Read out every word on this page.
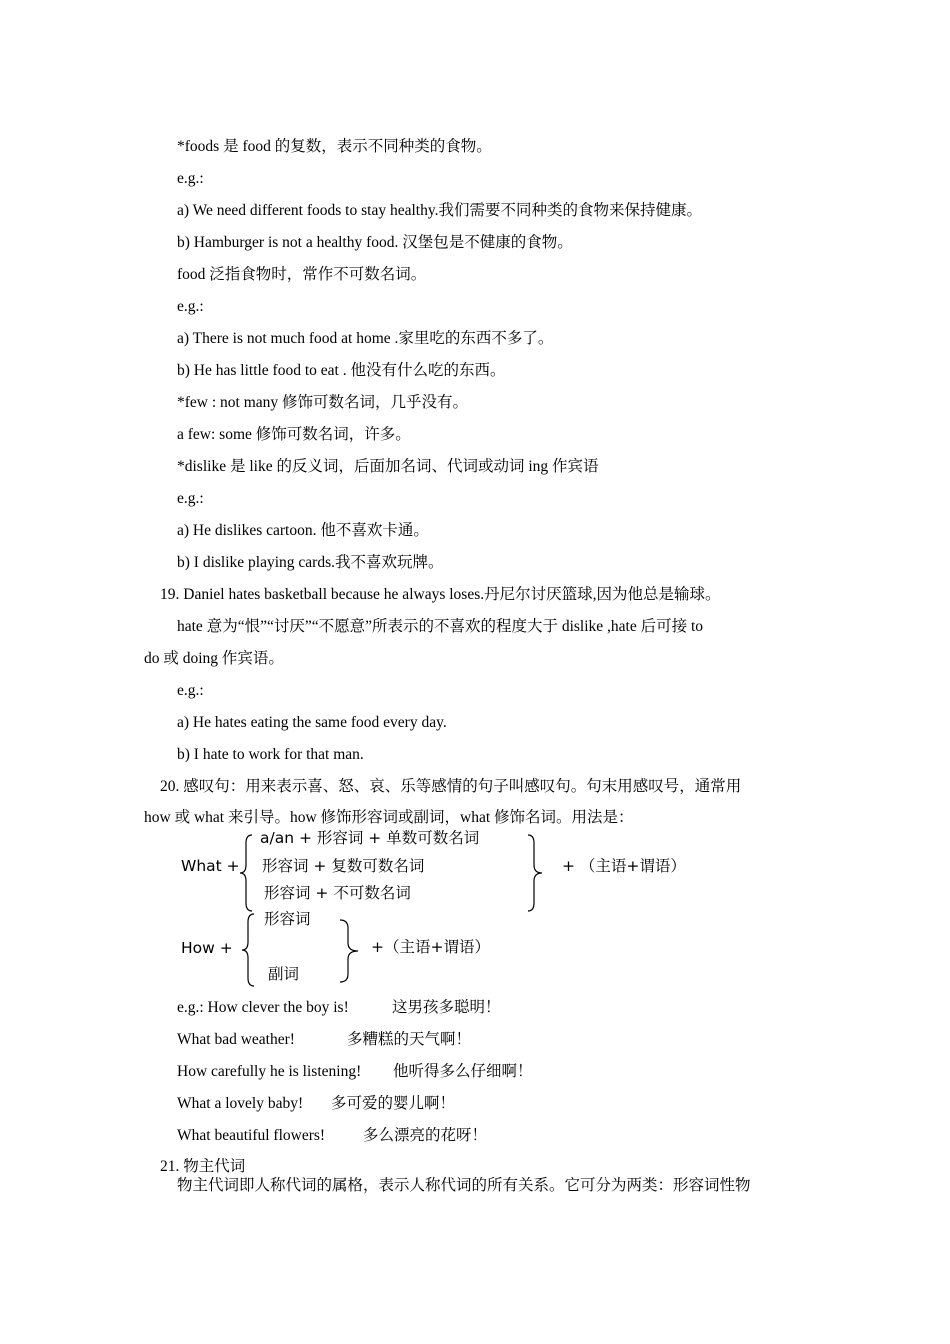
*foods 是 food 的复数，表示不同种类的食物。
e.g.:
a) We need different foods to stay healthy.我们需要不同种类的食物来保持健康。
b) Hamburger is not a healthy food. 汉堡包是不健康的食物。
food 泛指食物时，常作不可数名词。
e.g.:
a) There is not much food at home .家里吃的东西不多了。
b) He has little food to eat . 他没有什么吃的东西。
*few : not many 修饰可数名词，几乎没有。
a few: some 修饰可数名词，许多。
*dislike 是 like 的反义词，后面加名词、代词或动词 ing 作宾语
e.g.:
a) He dislikes cartoon. 他不喜欢卡通。
b) I dislike playing cards.我不喜欢玩牌。
19. Daniel hates basketball because he always loses.丹尼尔讨厌篮球,因为他总是输球。
hate 意为“恨”“讨厌”“不愿意”所表示的不喜欢的程度大于 dislike ,hate 后可接 to
do 或 doing 作宾语。
e.g.:
a) He hates eating the same food every day.
b) I hate to work for that man.
20. 感叹句：用来表示喜、怒、哀、乐等感情的句子叫感叹句。句末用感叹号，通常用
how 或 what 来引导。how 修饰形容词或副词，what 修饰名词。用法是：
What +
a/an + 形容词 + 单数可数名词
形容词 + 复数可数名词
形容词 + 不可数名词
+ （主语+谓语）
How +
形容词
副词
+（主语+谓语）
e.g.: How clever the boy is!	这男孩多聪明！
What bad weather!	多糟糕的天气啊！
How carefully he is listening! 他听得多么仔细啊！
What a lovely baby! 多可爱的婴儿啊！
What beautiful flowers! 多么漂亮的花呀！
21. 物主代词
物主代词即人称代词的属格，表示人称代词的所有关系。它可分为两类：形容词性物
